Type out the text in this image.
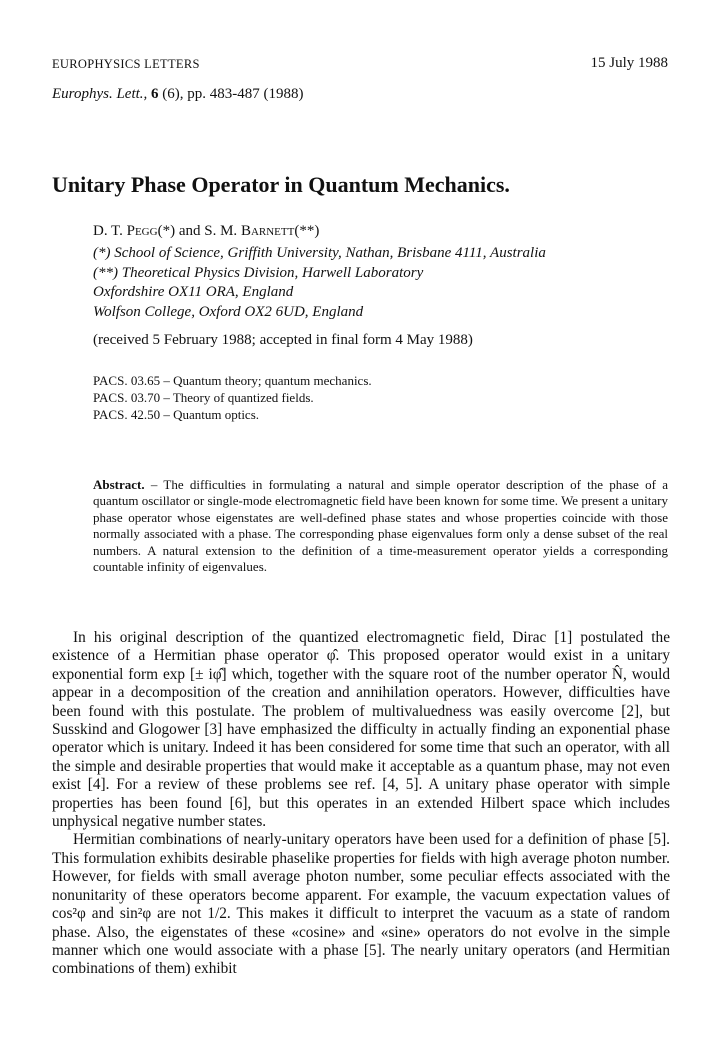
EUROPHYSICS LETTERS	15 July 1988
Europhys. Lett., 6 (6), pp. 483-487 (1988)
Unitary Phase Operator in Quantum Mechanics.
D. T. Pegg(*) and S. M. Barnett(**)
(*) School of Science, Griffith University, Nathan, Brisbane 4111, Australia
(**) Theoretical Physics Division, Harwell Laboratory
Oxfordshire OX11 ORA, England
Wolfson College, Oxford OX2 6UD, England
(received 5 February 1988; accepted in final form 4 May 1988)
PACS. 03.65 – Quantum theory; quantum mechanics.
PACS. 03.70 – Theory of quantized fields.
PACS. 42.50 – Quantum optics.

Abstract. – The difficulties in formulating a natural and simple operator description of the phase of a quantum oscillator or single-mode electromagnetic field have been known for some time. We present a unitary phase operator whose eigenstates are well-defined phase states and whose properties coincide with those normally associated with a phase. The corresponding phase eigenvalues form only a dense subset of the real numbers. A natural extension to the definition of a time-measurement operator yields a corresponding countable infinity of eigenvalues.

In his original description of the quantized electromagnetic field, Dirac [1] postulated the existence of a Hermitian phase operator φ̂. This proposed operator would exist in a unitary exponential form exp [± iφ̂] which, together with the square root of the number operator N̂, would appear in a decomposition of the creation and annihilation operators. However, difficulties have been found with this postulate. The problem of multivaluedness was easily overcome [2], but Susskind and Glogower [3] have emphasized the difficulty in actually finding an exponential phase operator which is unitary. Indeed it has been considered for some time that such an operator, with all the simple and desirable properties that would make it acceptable as a quantum phase, may not even exist [4]. For a review of these problems see ref. [4, 5]. A unitary phase operator with simple properties has been found [6], but this operates in an extended Hilbert space which includes unphysical negative number states.

Hermitian combinations of nearly-unitary operators have been used for a definition of phase [5]. This formulation exhibits desirable phaselike properties for fields with high average photon number. However, for fields with small average photon number, some peculiar effects associated with the nonunitarity of these operators become apparent. For example, the vacuum expectation values of cos²φ and sin²φ are not 1/2. This makes it difficult to interpret the vacuum as a state of random phase. Also, the eigenstates of these «cosine» and «sine» operators do not evolve in the simple manner which one would associate with a phase [5]. The nearly unitary operators (and Hermitian combinations of them) exhibit
